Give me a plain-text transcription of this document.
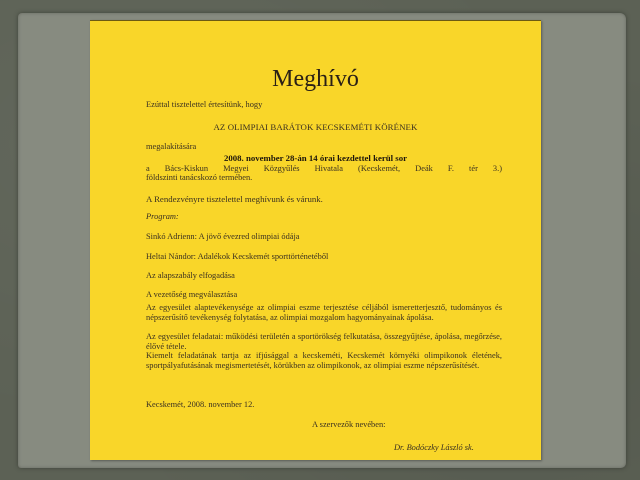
Meghívó
Ezúttal tisztelettel értesítünk, hogy
AZ OLIMPIAI BARÁTOK KECSKEMÉTI KÖRÉNEK
megalakítására
2008. november 28-án 14 órai kezdettel kerül sor
a Bács-Kiskun Megyei Közgyűlés Hivatala (Kecskemét, Deák F. tér 3.)
földszinti tanácskozó termében.
A Rendezvényre tisztelettel meghívunk és várunk.
Program:
Sinkó Adrienn: A jövő évezred olimpiai ódája
Heltai Nándor: Adalékok Kecskemét sporttörténetéből
Az alapszabály elfogadása
A vezetőség megválasztása
Az egyesület alaptevékenysége az olimpiai eszme terjesztése céljából ismeretterjesztő, tudományos és népszerűsítő tevékenység folytatása, az olimpiai mozgalom hagyományainak ápolása.
Az egyesület feladatai: működési területén a sportörökség felkutatása, összegyűjtése, ápolása, megőrzése, élővé tétele.
Kiemelt feladatának tartja az ifjúsággal a kecskeméti, Kecskemét környéki olimpikonok életének, sportpályafutásának megismertetését, körükben az olimpikonok, az olimpiai eszme népszerűsítését.
Kecskemét, 2008. november 12.
A szervezők nevében:
Dr. Bodóczky László sk.
